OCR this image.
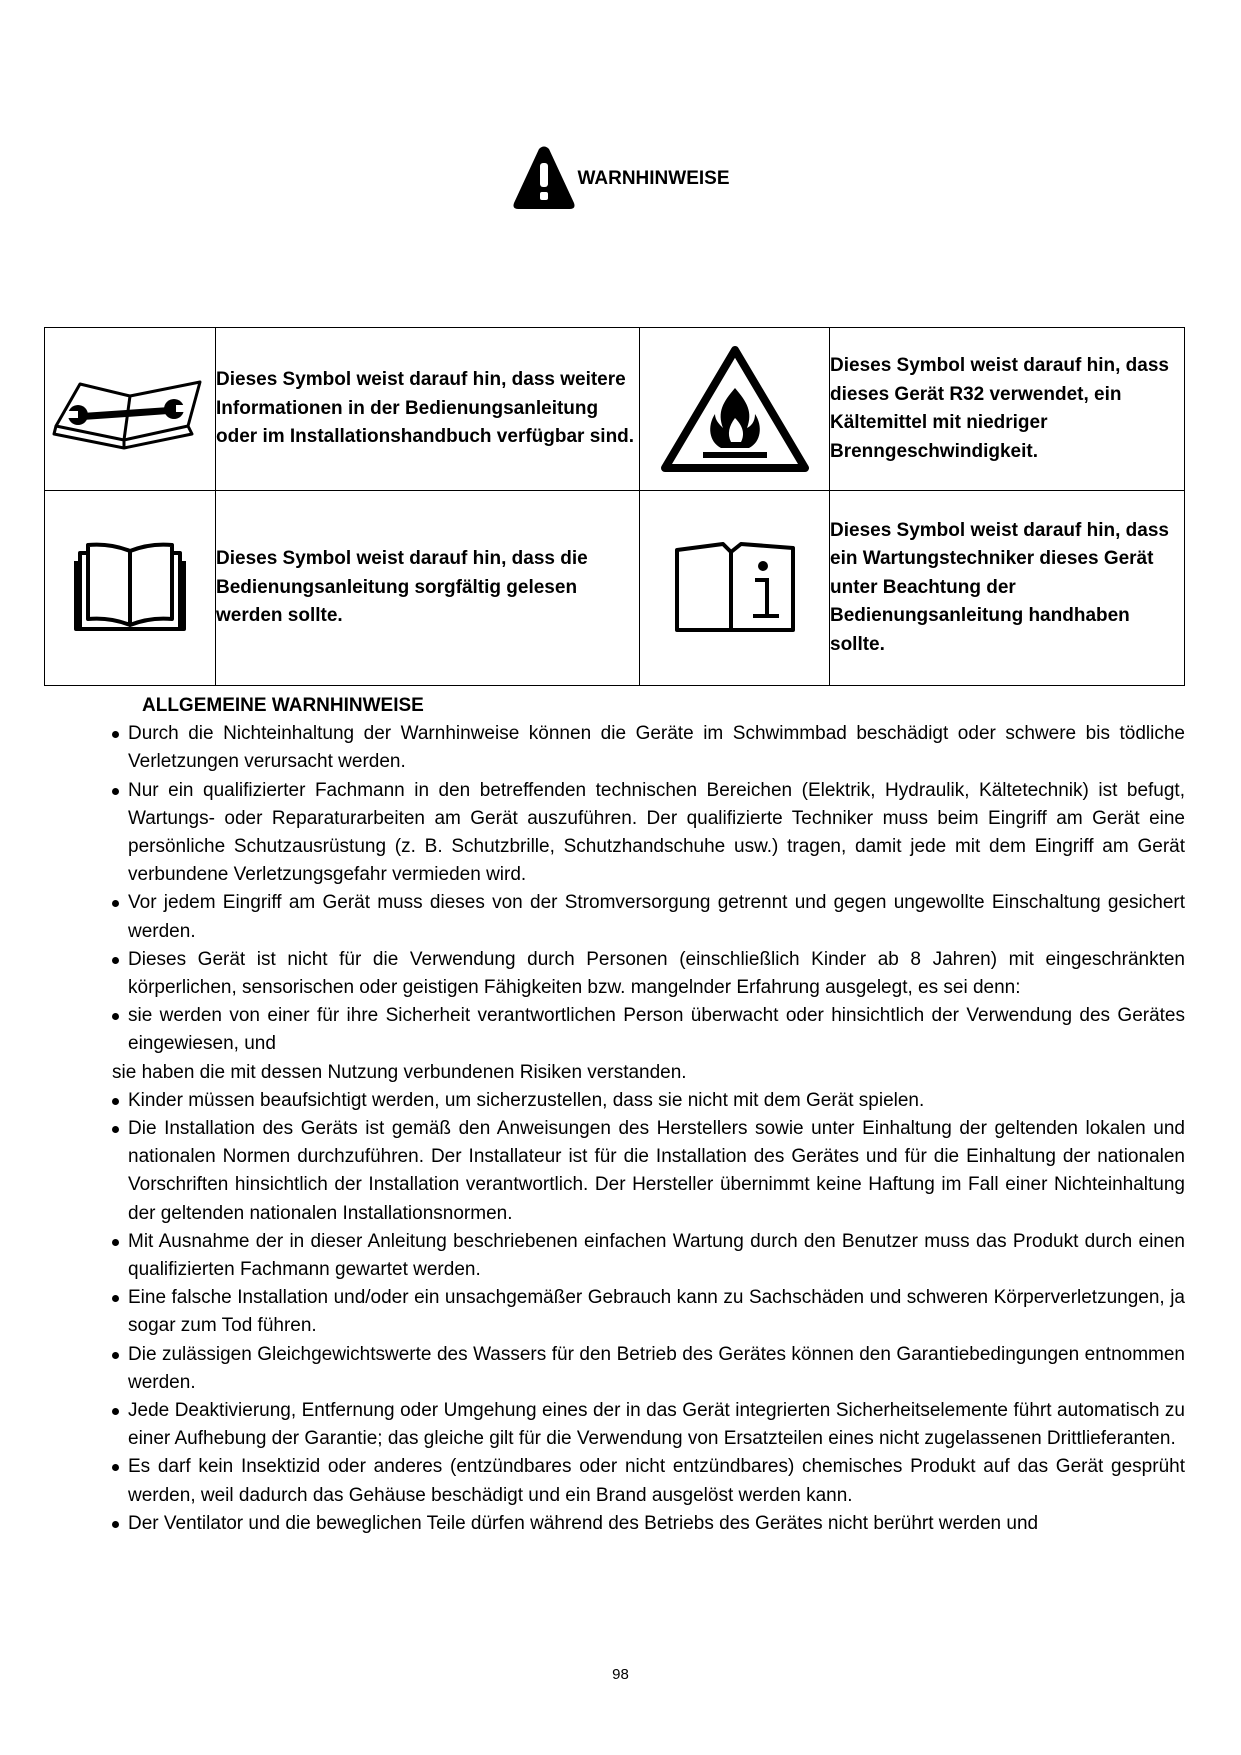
WARNHINWEISE
	Dieses Symbol weist darauf hin, dass weitere Informationen in der Bedienungsanleitung oder im Installationshandbuch verfügbar sind.		Dieses Symbol weist darauf hin, dass dieses Gerät R32 verwendet, ein Kältemittel mit niedriger Brenngeschwindigkeit.
	Dieses Symbol weist darauf hin, dass die Bedienungsanleitung sorgfältig gelesen werden sollte.		Dieses Symbol weist darauf hin, dass ein Wartungstechniker dieses Gerät unter Beachtung der Bedienungsanleitung handhaben sollte.
ALLGEMEINE WARNHINWEISE
Durch die Nichteinhaltung der Warnhinweise können die Geräte im Schwimmbad beschädigt oder schwere bis tödliche Verletzungen verursacht werden.
Nur ein qualifizierter Fachmann in den betreffenden technischen Bereichen (Elektrik, Hydraulik, Kältetechnik) ist befugt, Wartungs- oder Reparaturarbeiten am Gerät auszuführen. Der qualifizierte Techniker muss beim Eingriff am Gerät eine persönliche Schutzausrüstung (z. B. Schutzbrille, Schutzhandschuhe usw.) tragen, damit jede mit dem Eingriff am Gerät verbundene Verletzungsgefahr vermieden wird.
Vor jedem Eingriff am Gerät muss dieses von der Stromversorgung getrennt und gegen ungewollte Einschaltung gesichert werden.
Dieses Gerät ist nicht für die Verwendung durch Personen (einschließlich Kinder ab 8 Jahren) mit eingeschränkten körperlichen, sensorischen oder geistigen Fähigkeiten bzw. mangelnder Erfahrung ausgelegt, es sei denn:
sie werden von einer für ihre Sicherheit verantwortlichen Person überwacht oder hinsichtlich der Verwendung des Gerätes eingewiesen, und
sie haben die mit dessen Nutzung verbundenen Risiken verstanden.
Kinder müssen beaufsichtigt werden, um sicherzustellen, dass sie nicht mit dem Gerät spielen.
Die Installation des Geräts ist gemäß den Anweisungen des Herstellers sowie unter Einhaltung der geltenden lokalen und nationalen Normen durchzuführen. Der Installateur ist für die Installation des Gerätes und für die Einhaltung der nationalen Vorschriften hinsichtlich der Installation verantwortlich. Der Hersteller übernimmt keine Haftung im Fall einer Nichteinhaltung der geltenden nationalen Installationsnormen.
Mit Ausnahme der in dieser Anleitung beschriebenen einfachen Wartung durch den Benutzer muss das Produkt durch einen qualifizierten Fachmann gewartet werden.
Eine falsche Installation und/oder ein unsachgemäßer Gebrauch kann zu Sachschäden und schweren Körperverletzungen, ja sogar zum Tod führen.
Die zulässigen Gleichgewichtswerte des Wassers für den Betrieb des Gerätes können den Garantiebedingungen entnommen werden.
Jede Deaktivierung, Entfernung oder Umgehung eines der in das Gerät integrierten Sicherheitselemente führt automatisch zu einer Aufhebung der Garantie; das gleiche gilt für die Verwendung von Ersatzteilen eines nicht zugelassenen Drittlieferanten.
Es darf kein Insektizid oder anderes (entzündbares oder nicht entzündbares) chemisches Produkt auf das Gerät gesprüht werden, weil dadurch das Gehäuse beschädigt und ein Brand ausgelöst werden kann.
Der Ventilator und die beweglichen Teile dürfen während des Betriebs des Gerätes nicht berührt werden und
98
